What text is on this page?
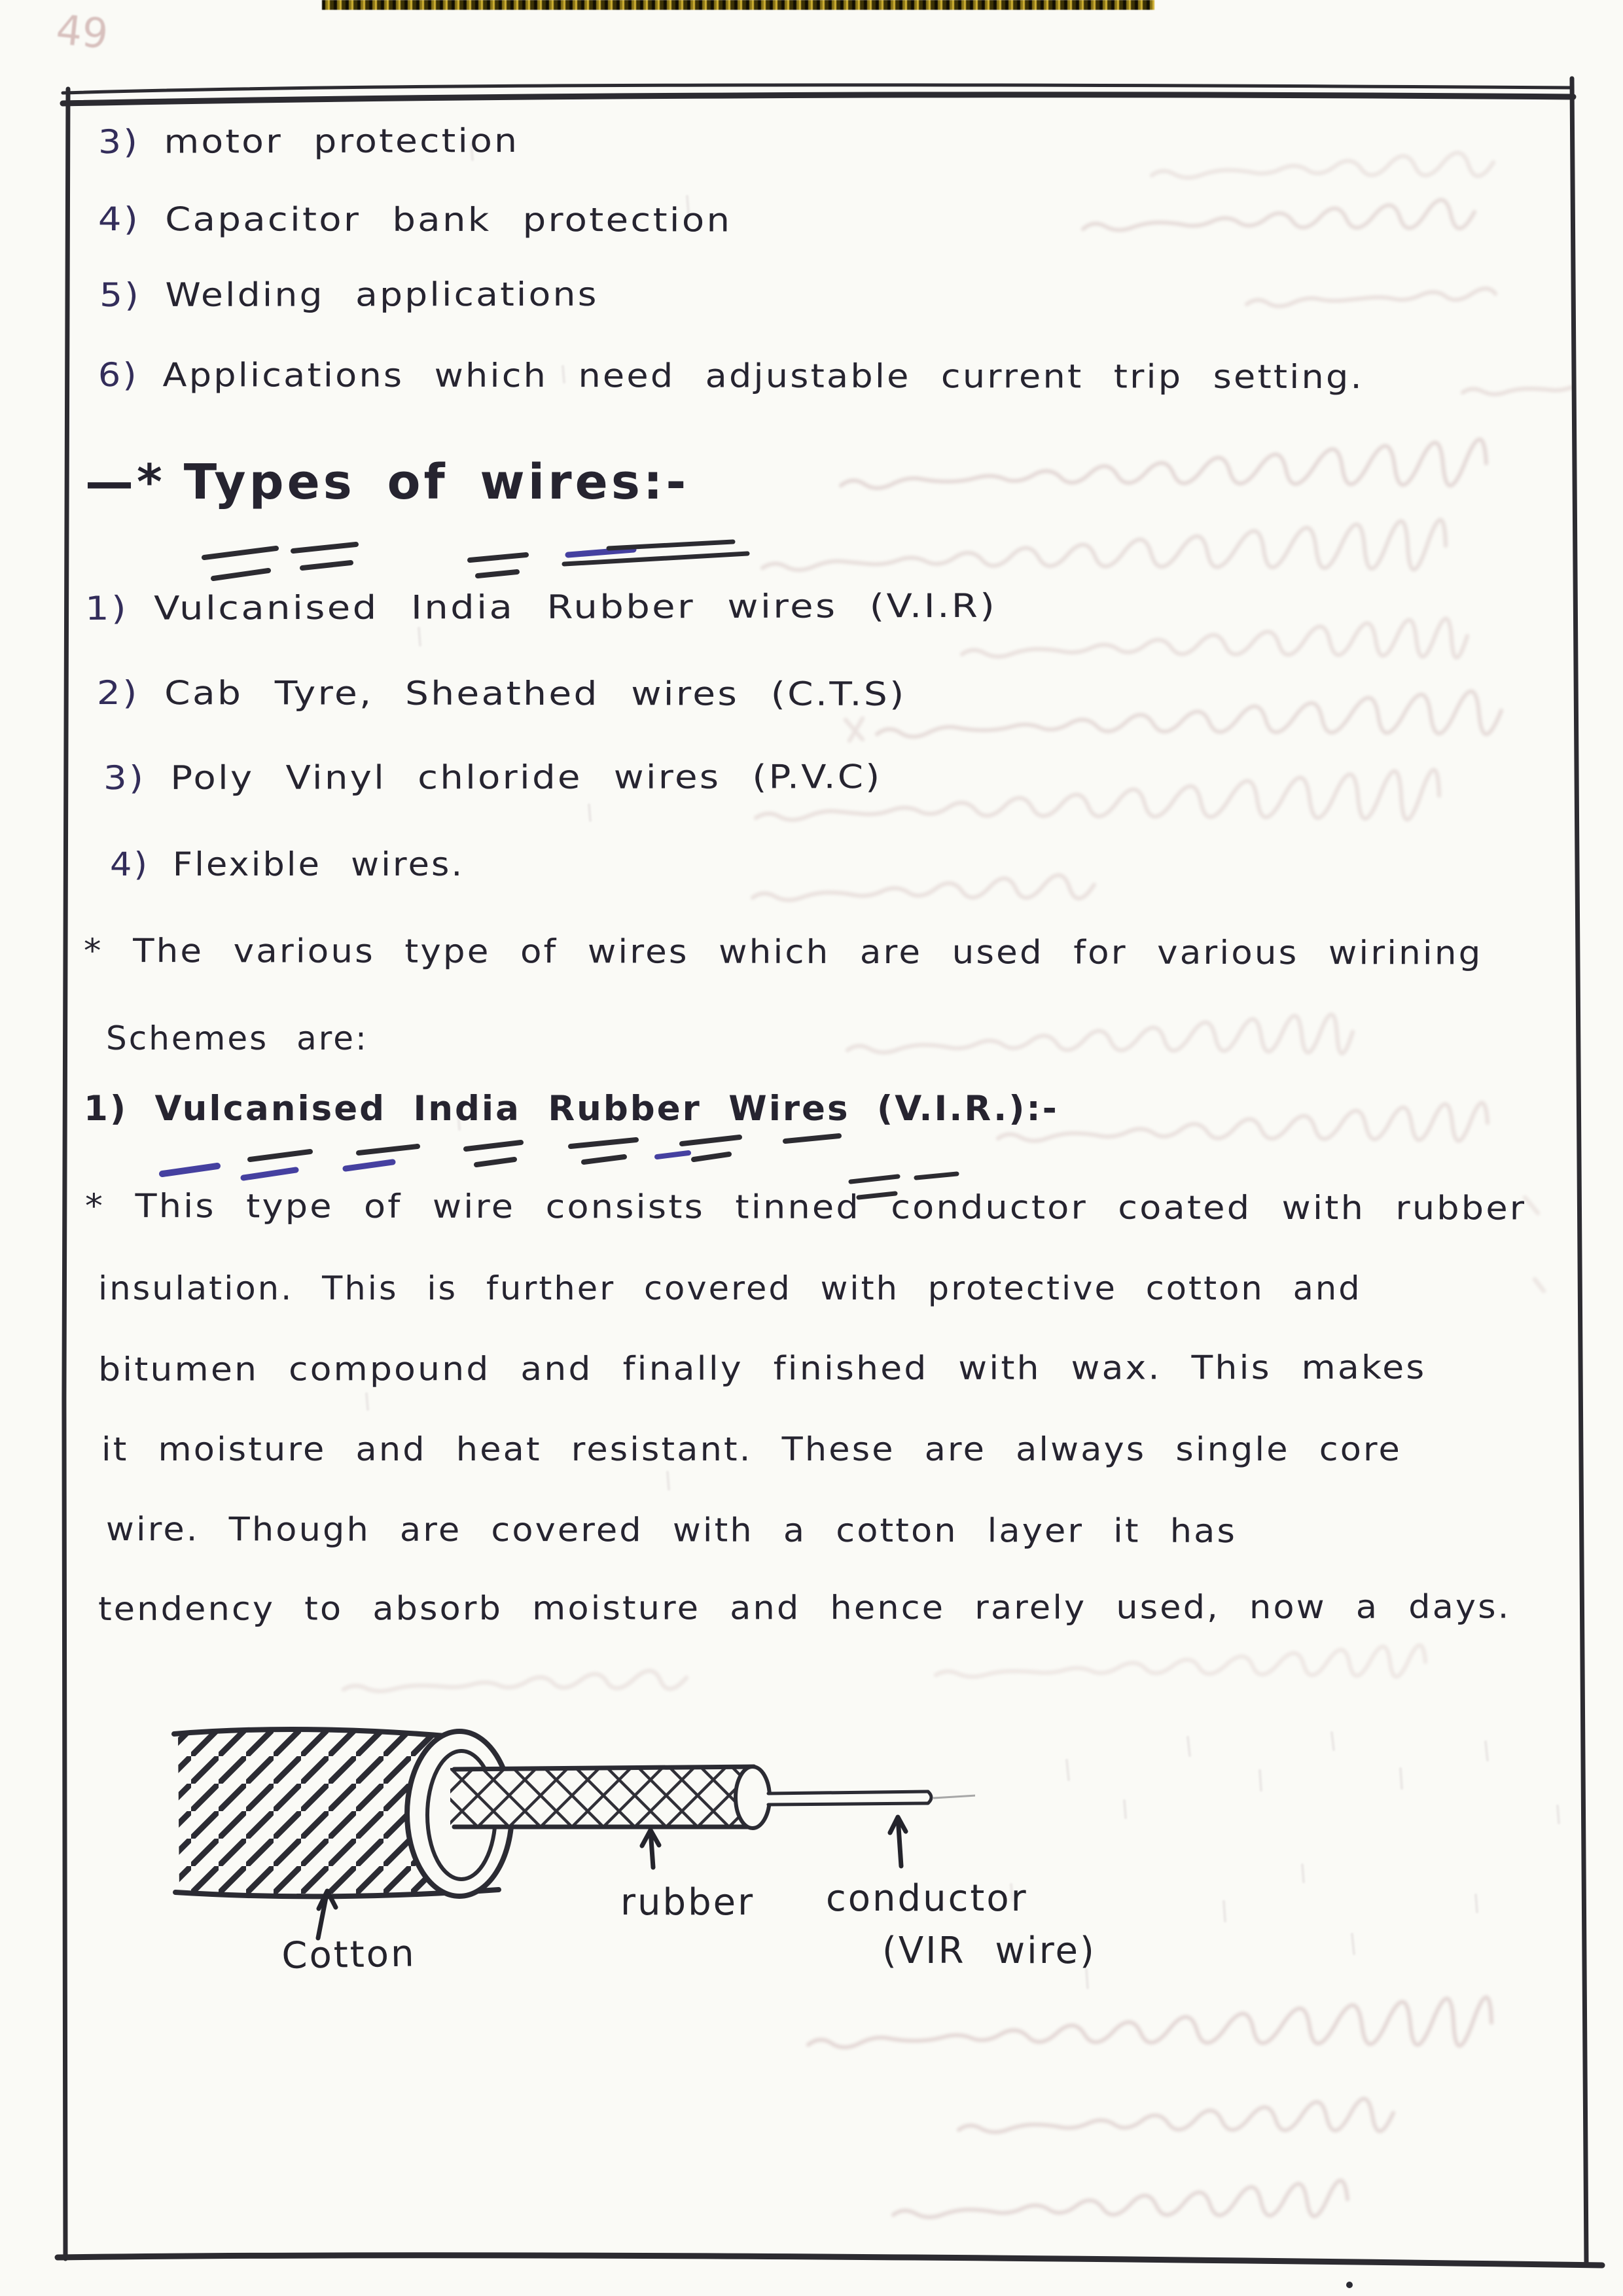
49
3) motor protection
4) Capacitor bank protection
5) Welding applications
6) Applications which need adjustable current trip setting.
—* Types of wires:-
1) Vulcanised India Rubber wires (V.I.R)
2) Cab Tyre, Sheathed wires (C.T.S)
3) Poly Vinyl chloride wires (P.V.C)
4) Flexible wires.
* The various type of wires which are used for various wirining
Schemes are:
1) Vulcanised India Rubber Wires (V.I.R.):-
* This type of wire consists tinned conductor coated with rubber
insulation. This is further covered with protective cotton and
bitumen compound and finally finished with wax. This makes
it moisture and heat resistant. These are always single core
wire. Though are covered with a cotton layer it has
tendency to absorb moisture and hence rarely used, now a days.
Cotton
rubber conductor
(VIR wire)
